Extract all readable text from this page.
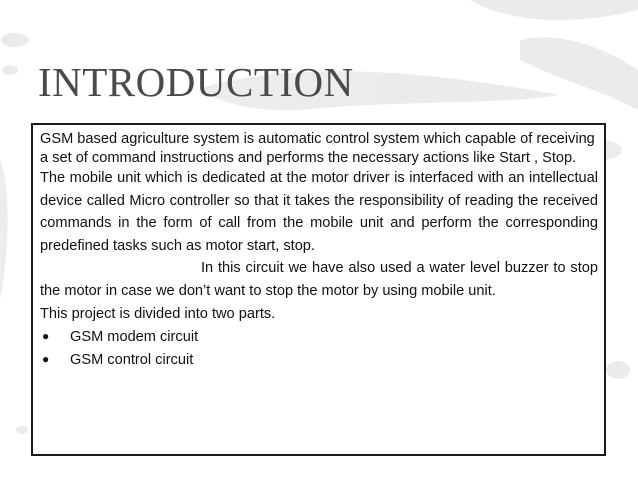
INTRODUCTION

GSM based agriculture system is automatic control system which capable of receiving a set of command instructions and performs the necessary actions like Start , Stop.

The mobile unit which is dedicated at the motor driver is interfaced with an intellectual device called Micro controller so that it takes the responsibility of reading the received commands in the form of call from the mobile unit and perform the corresponding predefined tasks such as motor start, stop.

In this circuit we have also used a water level buzzer to stop the motor in case we don’t want to stop the motor by using mobile unit.

This project is divided into two parts.

● GSM modem circuit
● GSM control circuit
